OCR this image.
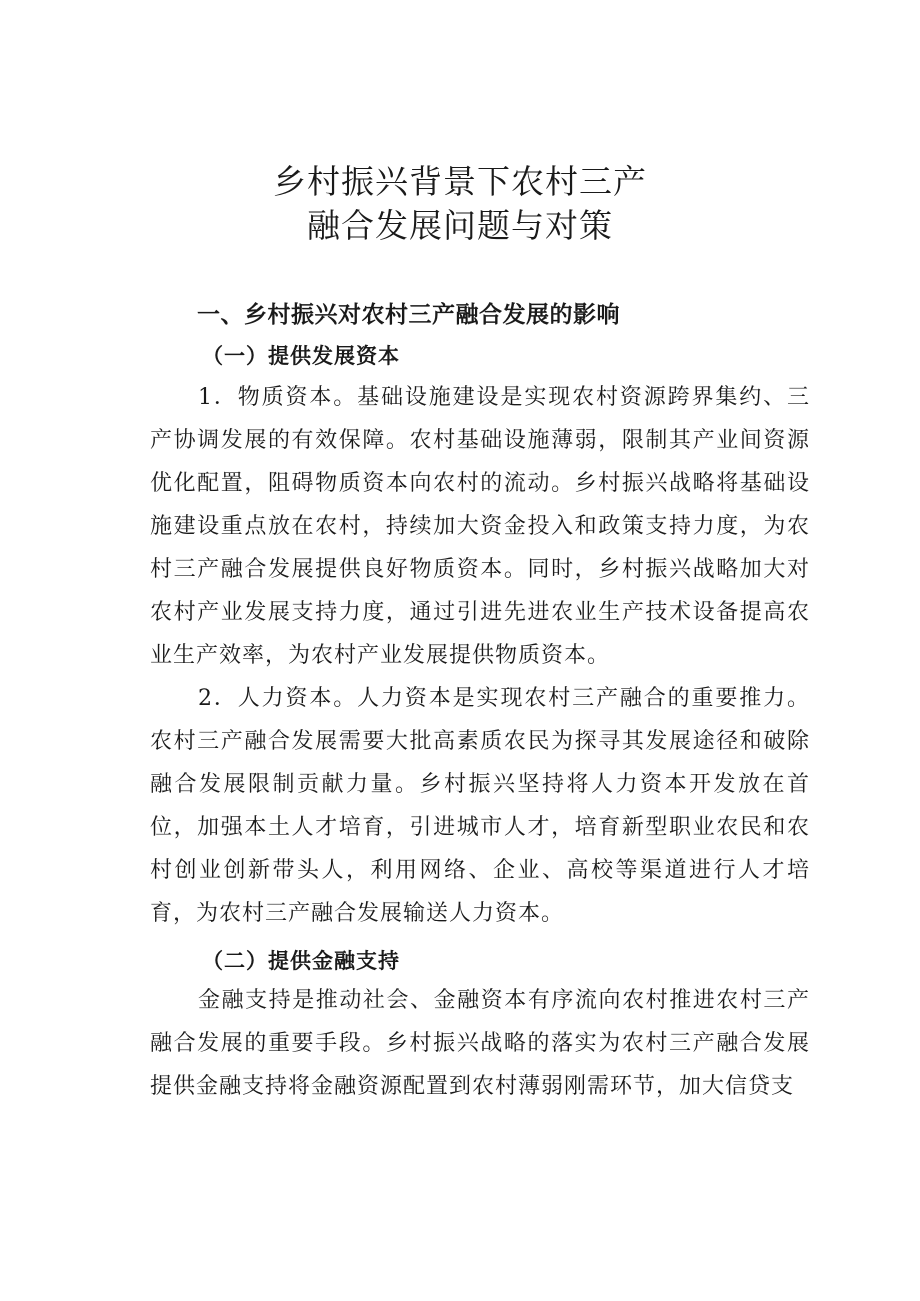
乡村振兴背景下农村三产
融合发展问题与对策
一、乡村振兴对农村三产融合发展的影响
（一）提供发展资本

1．物质资本。基础设施建设是实现农村资源跨界集约、三产协调发展的有效保障。农村基础设施薄弱，限制其产业间资源优化配置，阻碍物质资本向农村的流动。乡村振兴战略将基础设施建设重点放在农村，持续加大资金投入和政策支持力度，为农村三产融合发展提供良好物质资本。同时，乡村振兴战略加大对农村产业发展支持力度，通过引进先进农业生产技术设备提高农业生产效率，为农村产业发展提供物质资本。

2．人力资本。人力资本是实现农村三产融合的重要推力。农村三产融合发展需要大批高素质农民为探寻其发展途径和破除融合发展限制贡献力量。乡村振兴坚持将人力资本开发放在首位，加强本土人才培育，引进城市人才，培育新型职业农民和农村创业创新带头人，利用网络、企业、高校等渠道进行人才培育，为农村三产融合发展输送人力资本。

（二）提供金融支持

金融支持是推动社会、金融资本有序流向农村推进农村三产融合发展的重要手段。乡村振兴战略的落实为农村三产融合发展提供金融支持将金融资源配置到农村薄弱刚需环节，加大信贷支
